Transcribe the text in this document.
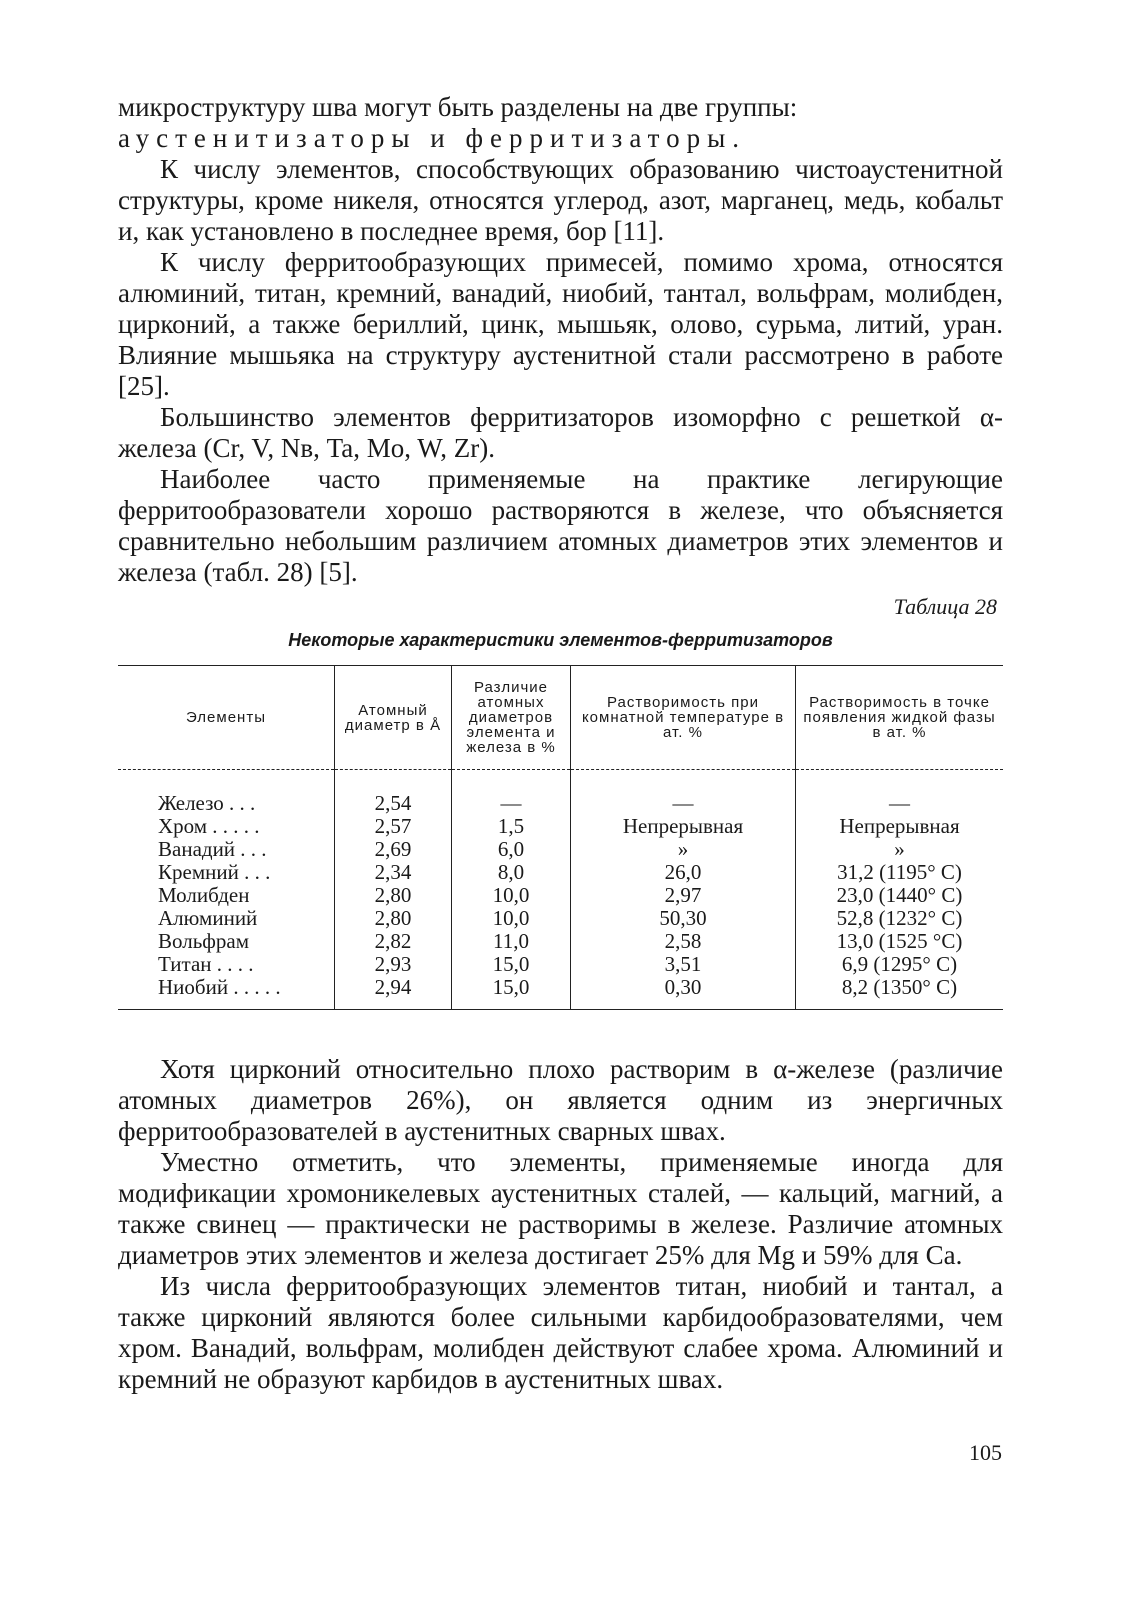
микроструктуру шва могут быть разделены на две группы:

аустенитизаторы и ферритизаторы.

К числу элементов, способствующих образованию чистоаустенитной структуры, кроме никеля, относятся углерод, азот, марганец, медь, кобальт и, как установлено в последнее время, бор [11].

К числу ферритообразующих примесей, помимо хрома, относятся алюминий, титан, кремний, ванадий, ниобий, тантал, вольфрам, молибден, цирконий, а также бериллий, цинк, мышьяк, олово, сурьма, литий, уран. Влияние мышьяка на структуру аустенитной стали рассмотрено в работе [25].

Большинство элементов ферритизаторов изоморфно с решеткой α-железа (Cr, V, Nв, Ta, Mo, W, Zr).

Наиболее часто применяемые на практике легирующие ферритообразователи хорошо растворяются в железе, что объясняется сравнительно небольшим различием атомных диаметров этих элементов и железа (табл. 28) [5].

Таблица 28
Некоторые характеристики элементов-ферритизаторов
Элементы	Атомный диаметр в Å	Различие атомных диаметров элемента и железа в %	Растворимость при комнатной температуре в ат. %	Растворимость в точке появления жидкой фазы в ат. %
Железо . . .	2,54	—	—	—
Хром . . . . .	2,57	1,5	Непрерывная	Непрерывная
Ванадий . . .	2,69	6,0	»	»
Кремний . . .	2,34	8,0	26,0	31,2 (1195° С)
Молибден	2,80	10,0	2,97	23,0 (1440° С)
Алюминий	2,80	10,0	50,30	52,8 (1232° С)
Вольфрам	2,82	11,0	2,58	13,0 (1525 °С)
Титан . . . .	2,93	15,0	3,51	6,9 (1295° С)
Ниобий . . . . .	2,94	15,0	0,30	8,2 (1350° С)

Хотя цирконий относительно плохо растворим в α-железе (различие атомных диаметров 26%), он является одним из энергичных ферритообразователей в аустенитных сварных швах.

Уместно отметить, что элементы, применяемые иногда для модификации хромоникелевых аустенитных сталей, — кальций, магний, а также свинец — практически не растворимы в железе. Различие атомных диаметров этих элементов и железа достигает 25% для Mg и 59% для Ca.

Из числа ферритообразующих элементов титан, ниобий и тантал, а также цирконий являются более сильными карбидообразователями, чем хром. Ванадий, вольфрам, молибден действуют слабее хрома. Алюминий и кремний не образуют карбидов в аустенитных швах.

105
